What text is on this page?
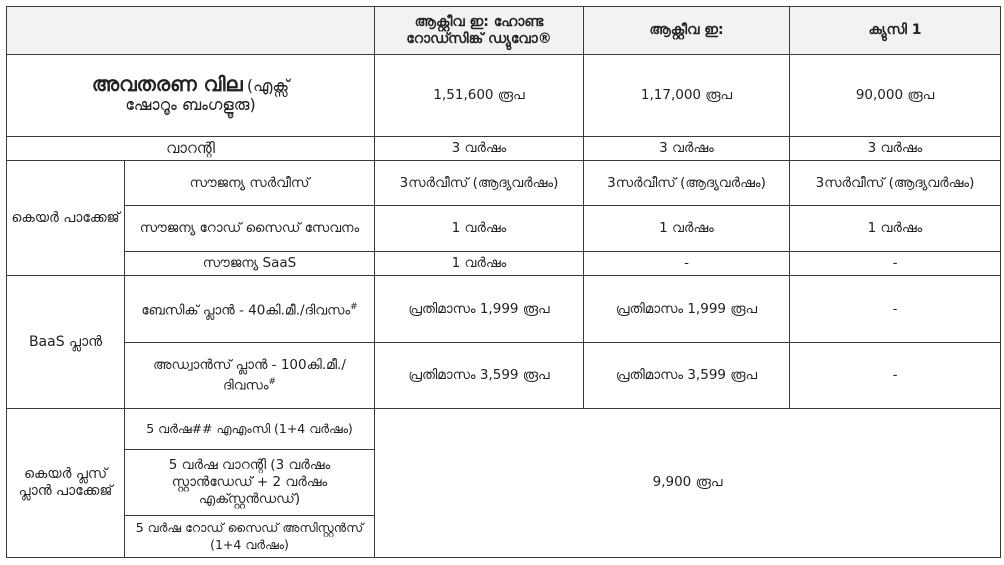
		ആക്റ്റീവ ഇ: ഹോണ്ട റോഡ്സിങ്ക് ഡ്യുവോ®	ആക്റ്റീവ ഇ:	ക്യുസി 1
അവതരണ വില (എക്സ്
ഷോറൂം ബംഗളൂരു)		1,51,600 രൂപ	1,17,000 രൂപ	90,000 രൂപ
വാറന്റി		3 വർഷം	3 വർഷം	3 വർഷം
കെയർ പാക്കേജ്	സൗജന്യ സർവീസ്	3സർവീസ് (ആദ്യവർഷം)	3സർവീസ് (ആദ്യവർഷം)	3സർവീസ് (ആദ്യവർഷം)
	സൗജന്യ റോഡ് സൈഡ് സേവനം	1 വർഷം	1 വർഷം	1 വർഷം
	സൗജന്യ SaaS	1 വർഷം	-	-
BaaS പ്ലാൻ	ബേസിക് പ്ലാൻ - 40കി.മീ./ദിവസം#	പ്രതിമാസം 1,999 രൂപ	പ്രതിമാസം 1,999 രൂപ	-
	അഡ്വാൻസ് പ്ലാൻ - 100കി.മീ./ദിവസം#	പ്രതിമാസം 3,599 രൂപ	പ്രതിമാസം 3,599 രൂപ	-
കെയർ പ്ലസ് പ്ലാൻ പാക്കേജ്	5 വർഷ## എഎംസി (1+4 വർഷം)	9,900 രൂപ		
	5 വർഷ വാറന്റി (3 വർഷം സ്റ്റാൻഡേഡ് + 2 വർഷം എക്സ്റ്റൻഡഡ്)			
	5 വർഷ റോഡ് സൈഡ് അസിസ്റ്റൻസ് (1+4 വർഷം)			
